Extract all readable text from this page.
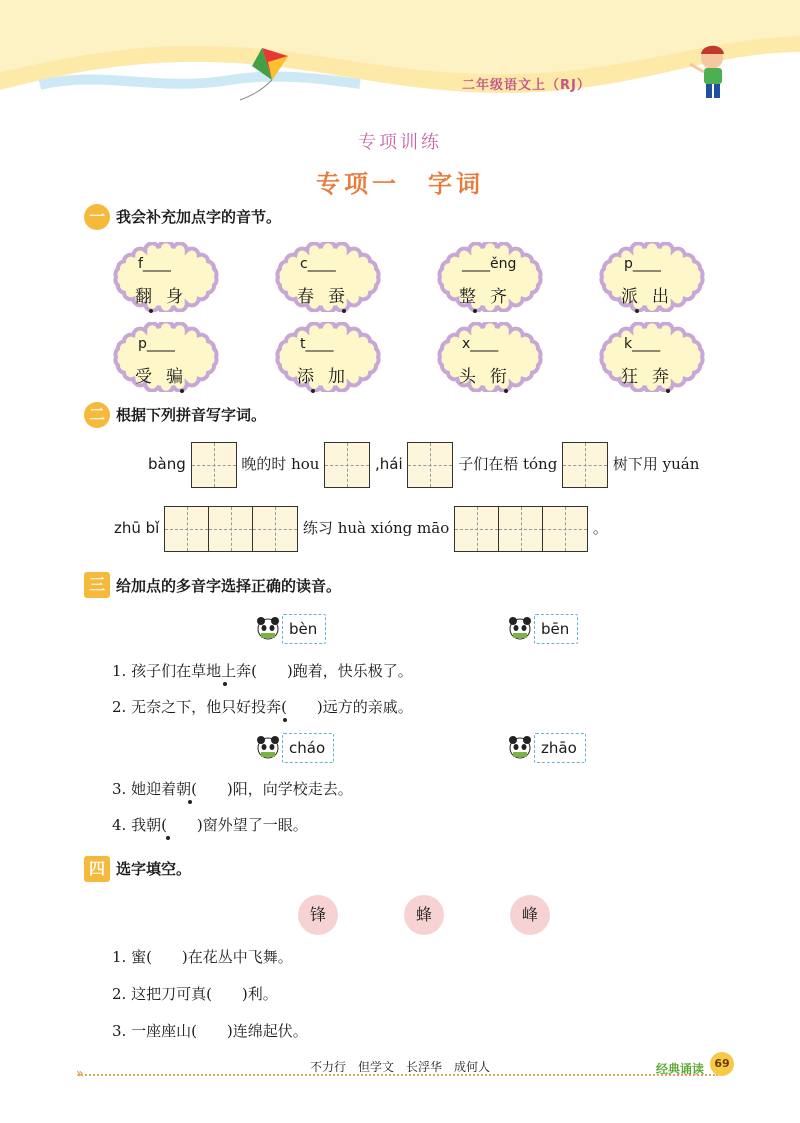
二年级语文上（RJ）
专项训练
专项一　字词
一 我会补充加点字的音节。
f____
翻身
c____
春蚕
____ěng
整齐
p____
派出
p____
受骗
t____
添加
x____
头衔
k____
狂奔
二 根据下列拼音写字词。
bàng	晚的时 hou	,hái	子们在梧 tóng	树下用 yuán
zhū bǐ	练习 huà xióng māo	。
三 给加点的多音字选择正确的读音。
bèn	bēn
1. 孩子们在草地上奔(　　)跑着，快乐极了。
2. 无奈之下，他只好投奔(　　)远方的亲戚。
cháo	zhāo
3. 她迎着朝(　　)阳，向学校走去。
4. 我朝(　　)窗外望了一眼。
四 选字填空。
锋	蜂	峰
1. 蜜(　　)在花丛中飞舞。
2. 这把刀可真(　　)利。
3. 一座座山(　　)连绵起伏。
不力行　但学文　长浮华　成何人
»	经典诵读 69
